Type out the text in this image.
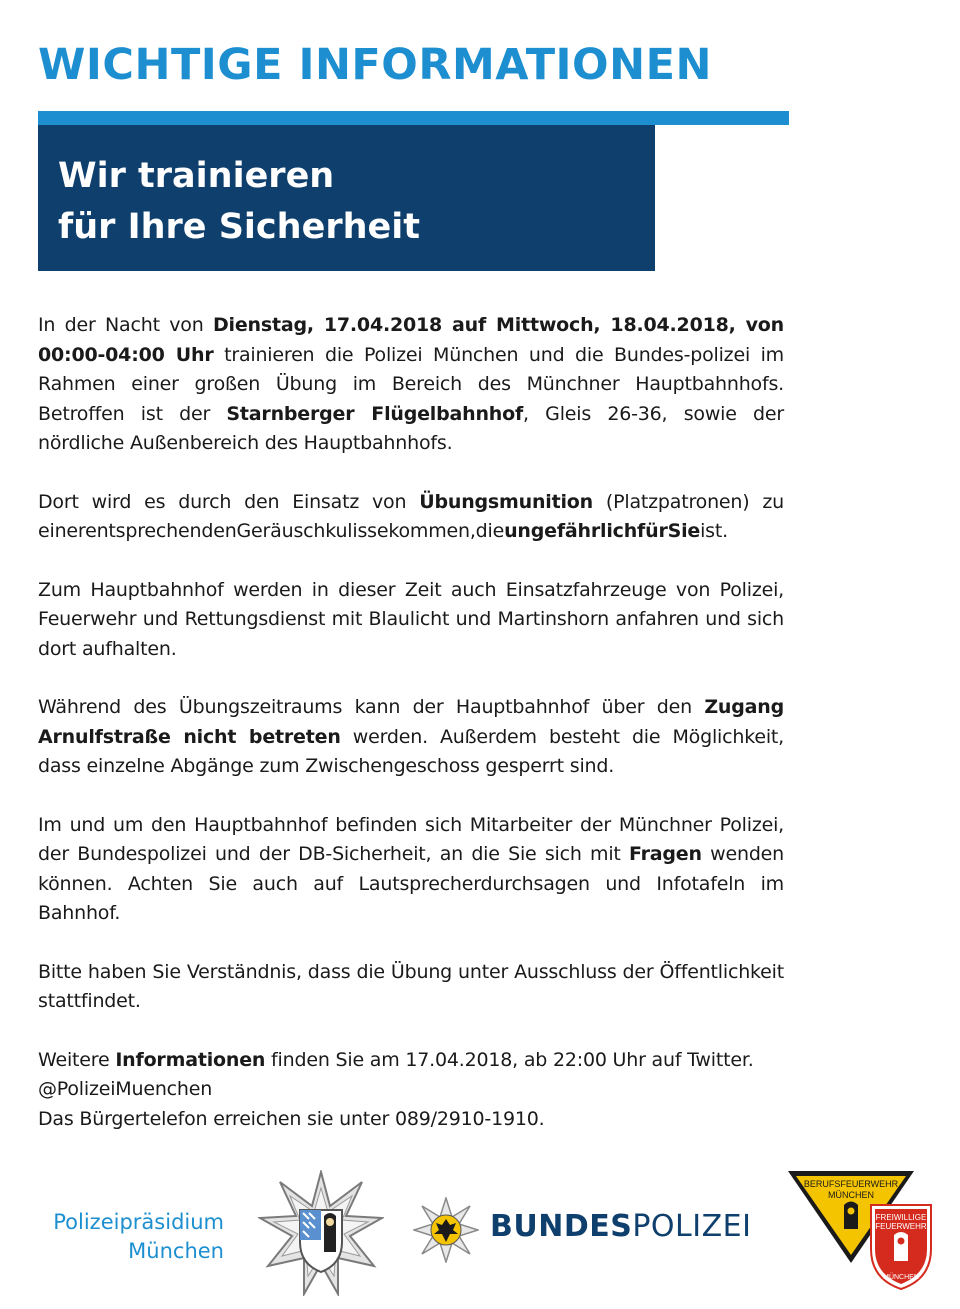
WICHTIGE INFORMATIONEN
Wir trainieren
für Ihre Sicherheit

In der Nacht von Dienstag, 17.04.2018 auf Mittwoch, 18.04.2018, von 00:00-04:00 Uhr trainieren die Polizei München und die Bundes-polizei im Rahmen einer großen Übung im Bereich des Münchner Hauptbahnhofs. Betroffen ist der Starnberger Flügelbahnhof, Gleis 26-36, sowie der nördliche Außenbereich des Hauptbahnhofs.

Dort wird es durch den Einsatz von Übungsmunition (Platzpatronen) zu einerentsprechendenGeräuschkulissekommen,dieungefährlichfürSieist.

Zum Hauptbahnhof werden in dieser Zeit auch Einsatzfahrzeuge von Polizei, Feuerwehr und Rettungsdienst mit Blaulicht und Martinshorn anfahren und sich dort aufhalten.

Während des Übungszeitraums kann der Hauptbahnhof über den Zugang Arnulfstraße nicht betreten werden. Außerdem besteht die Möglichkeit, dass einzelne Abgänge zum Zwischengeschoss gesperrt sind.

Im und um den Hauptbahnhof befinden sich Mitarbeiter der Münchner Polizei, der Bundespolizei und der DB-Sicherheit, an die Sie sich mit Fragen wenden können. Achten Sie auch auf Lautsprecherdurchsagen und Infotafeln im Bahnhof.

Bitte haben Sie Verständnis, dass die Übung unter Ausschluss der Öffentlichkeit stattfindet.

Weitere Informationen finden Sie am 17.04.2018, ab 22:00 Uhr auf Twitter.
@PolizeiMuenchen
Das Bürgertelefon erreichen sie unter 089/2910-1910.

Polizeipräsidium
München
BUNDESPOLIZEI
BERUFSFEUERWEHR
MÜNCHEN
FREIWILLIGE
FEUERWEHR
MÜNCHEN
